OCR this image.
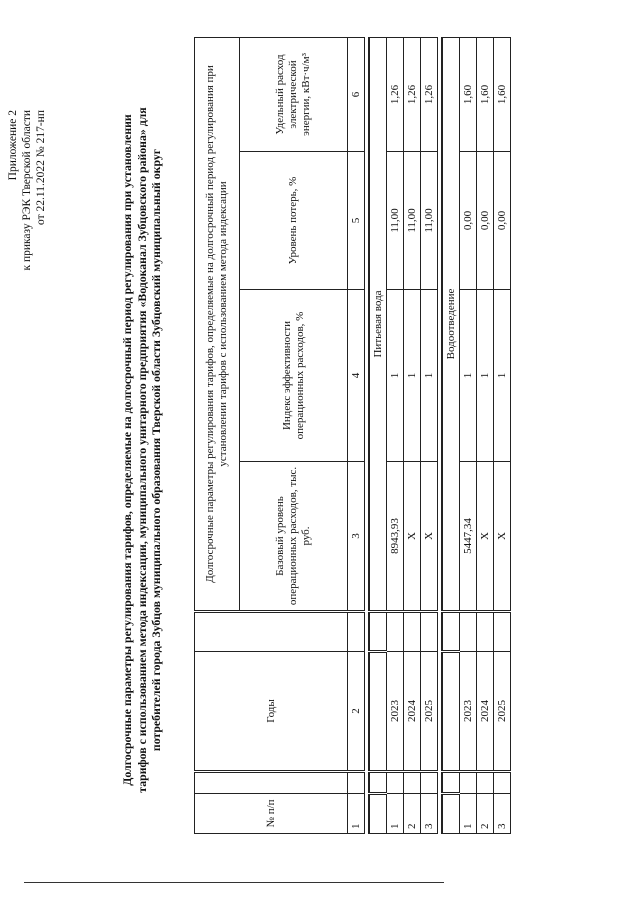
Приложение 2 к приказу РЭК Тверской области от 22.11.2022 № 217-нп	Долгосрочные параметры регулирования тарифов, определяемые на долгосрочный период регулирования при установлении тарифов с использованием метода индексации, муниципального унитарного предприятия «Водоканал Зубцовского района» для потребителей города Зубцов муниципального образования Тверской области Зубцовский муниципальный округ
№ п/п		Годы		Долгосрочные параметры регулирования тарифов, определяемые на долгосрочный период регулирования при установлении тарифов с использованием метода индексации			
				Базовый уровень операционных расходов, тыс. руб.	Индекс эффективности операционных расходов, %	Уровень потерь, %	Удельный расход электрической энергии, кВт·ч/м³
1		2		3	4	5	6

				Питьевая вода			
1		2023		8943,93	1	11,00	1,26
2		2024		Х	1	11,00	1,26
3		2025		Х	1	11,00	1,26

				Водоотведение			
1		2023		5447,34	1	0,00	1,60
2		2024		Х	1	0,00	1,60
3		2025		Х	1	0,00	1,60
